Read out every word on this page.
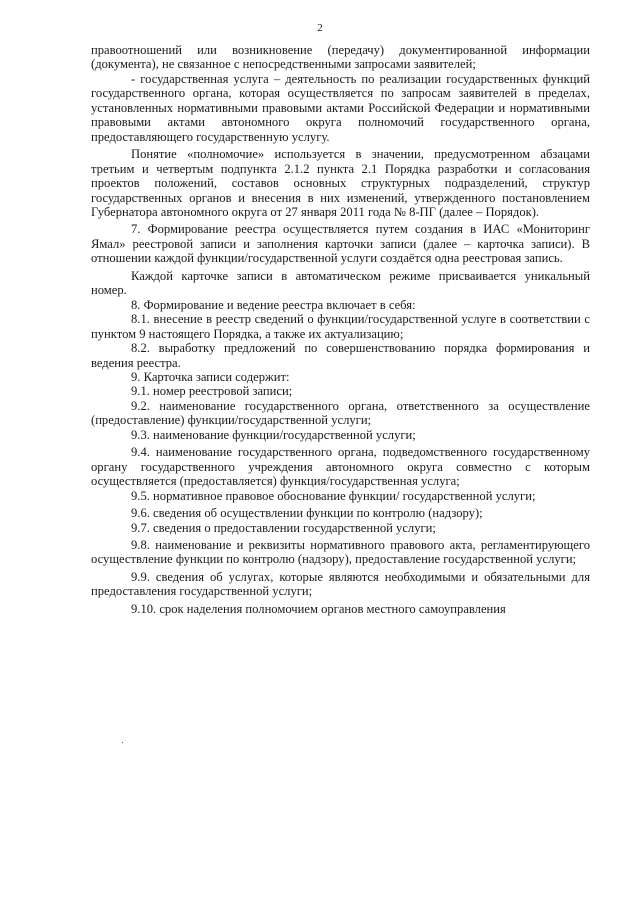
2

правоотношений или возникновение (передачу) документированной информации (документа), не связанное с непосредственными запросами заявителей;

- государственная услуга – деятельность по реализации государственных функций государственного органа, которая осуществляется по запросам заявителей в пределах, установленных нормативными правовыми актами Российской Федерации и нормативными правовыми актами автономного округа полномочий государственного органа, предоставляющего государственную услугу.

Понятие «полномочие» используется в значении, предусмотренном абзацами третьим и четвертым подпункта 2.1.2 пункта 2.1 Порядка разработки и согласования проектов положений, составов основных структурных подразделений, структур государственных органов и внесения в них изменений, утвержденного постановлением Губернатора автономного округа от 27 января 2011 года № 8-ПГ (далее – Порядок).

7. Формирование реестра осуществляется путем создания в ИАС «Мониторинг Ямал» реестровой записи и заполнения карточки записи (далее – карточка записи). В отношении каждой функции/государственной услуги создаётся одна реестровая запись.

Каждой карточке записи в автоматическом режиме присваивается уникальный номер.

8. Формирование и ведение реестра включает в себя:

8.1. внесение в реестр сведений о функции/государственной услуге в соответствии с пунктом 9 настоящего Порядка, а также их актуализацию;

8.2. выработку предложений по совершенствованию порядка формирования и ведения реестра.

9. Карточка записи содержит:

9.1. номер реестровой записи;

9.2. наименование государственного органа, ответственного за осуществление (предоставление) функции/государственной услуги;

9.3. наименование функции/государственной услуги;

9.4. наименование государственного органа, подведомственного государственному органу государственного учреждения автономного округа совместно с которым осуществляется (предоставляется) функция/государственная услуга;

9.5. нормативное правовое обоснование функции/ государственной услуги;

9.6. сведения об осуществлении функции по контролю (надзору);

9.7. сведения о предоставлении государственной услуги;

9.8. наименование и реквизиты нормативного правового акта, регламентирующего осуществление функции по контролю (надзору), предоставление государственной услуги;

9.9. сведения об услугах, которые являются необходимыми и обязательными для предоставления государственной услуги;

9.10. срок наделения полномочием органов местного самоуправления
